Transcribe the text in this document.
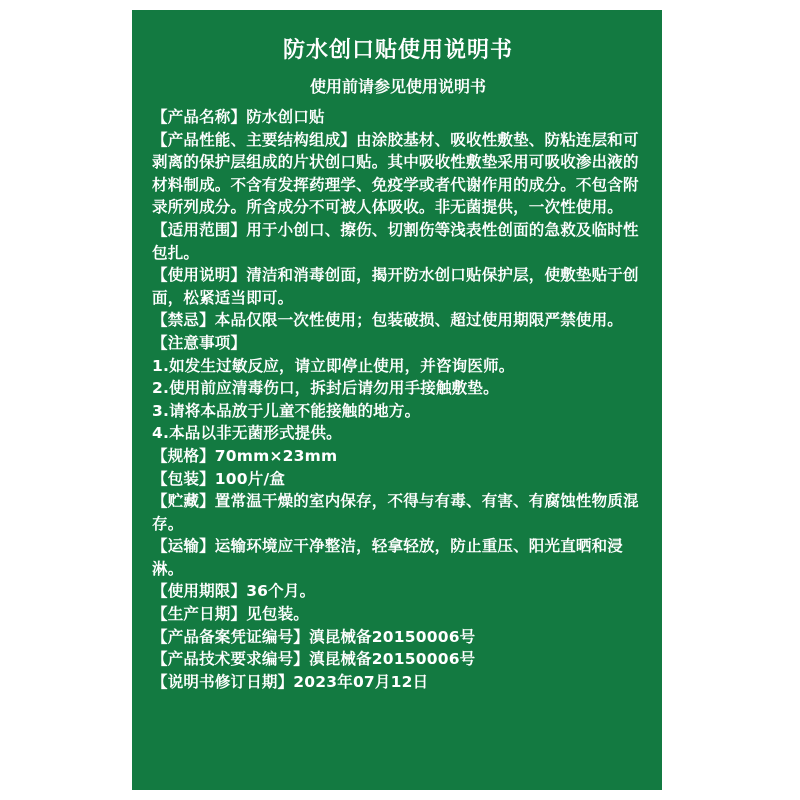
防水创口贴使用说明书
使用前请参见使用说明书
【产品名称】防水创口贴
【产品性能、主要结构组成】由涂胶基材、吸收性敷垫、防粘连层和可剥离的保护层组成的片状创口贴。其中吸收性敷垫采用可吸收渗出液的材料制成。不含有发挥药理学、免疫学或者代谢作用的成分。不包含附录所列成分。所含成分不可被人体吸收。非无菌提供，一次性使用。
【适用范围】用于小创口、擦伤、切割伤等浅表性创面的急救及临时性包扎。
【使用说明】清洁和消毒创面，揭开防水创口贴保护层，使敷垫贴于创面，松紧适当即可。
【禁忌】本品仅限一次性使用；包装破损、超过使用期限严禁使用。
【注意事项】
1.如发生过敏反应，请立即停止使用，并咨询医师。
2.使用前应清毒伤口，拆封后请勿用手接触敷垫。
3.请将本品放于儿童不能接触的地方。
4.本品以非无菌形式提供。
【规格】70mm×23mm
【包装】100片/盒
【贮藏】置常温干燥的室内保存，不得与有毒、有害、有腐蚀性物质混存。
【运输】运输环境应干净整洁，轻拿轻放，防止重压、阳光直晒和浸淋。
【使用期限】36个月。
【生产日期】见包装。
【产品备案凭证编号】滇昆械备20150006号
【产品技术要求编号】滇昆械备20150006号
【说明书修订日期】2023年07月12日
